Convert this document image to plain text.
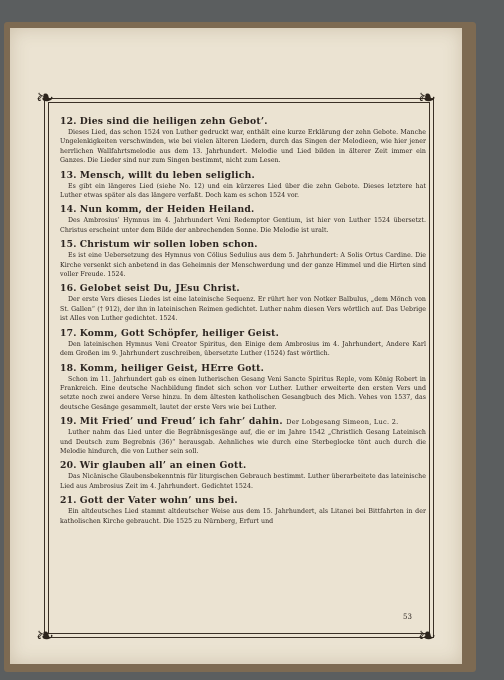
❧	❧
❧	❧
12. Dies sind die heiligen zehn Gebot’.

Dieses Lied, das schon 1524 von Luther gedruckt war, enthält eine kurze Erklärung der zehn Gebote. Manche Ungelenkigkeiten verschwinden, wie bei vielen älteren Liedern, durch das Singen der Melodieen, wie hier jener herrlichen Wallfahrtsmelodie aus dem 13. Jahrhundert. Melodie und Lied bilden in älterer Zeit immer ein Ganzes. Die Lieder sind nur zum Singen bestimmt, nicht zum Lesen.

13. Mensch, willt du leben seliglich.

Es gibt ein längeres Lied (siehe No. 12) und ein kürzeres Lied über die zehn Gebote. Dieses letztere hat Luther etwas später als das längere verfaßt. Doch kam es schon 1524 vor.

14. Nun komm, der Heiden Heiland.

Des Ambrosius’ Hymnus im 4. Jahrhundert Veni Redemptor Gentium, ist hier von Luther 1524 übersetzt. Christus erscheint unter dem Bilde der anbrechenden Sonne. Die Melodie ist uralt.

15. Christum wir sollen loben schon.

Es ist eine Uebersetzung des Hymnus von Cölius Sedulius aus dem 5. Jahrhundert: A Solis Ortus Cardine. Die Kirche versenkt sich anbetend in das Geheimnis der Menschwerdung und der ganze Himmel und die Hirten sind voller Freude. 1524.

16. Gelobet seist Du, JEsu Christ.

Der erste Vers dieses Liedes ist eine lateinische Sequenz. Er rührt her von Notker Balbulus, „dem Mönch von St. Gallen“ († 912), der ihn in lateinischen Reimen gedichtet. Luther nahm diesen Vers wörtlich auf. Das Uebrige ist Alles von Luther gedichtet. 1524.

17. Komm, Gott Schöpfer, heiliger Geist.

Den lateinischen Hymnus Veni Creator Spiritus, den Einige dem Ambrosius im 4. Jahrhundert, Andere Karl dem Großen im 9. Jahrhundert zuschreiben, übersetzte Luther (1524) fast wörtlich.

18. Komm, heiliger Geist, HErre Gott.

Schon im 11. Jahrhundert gab es einen lutherischen Gesang Veni Sancte Spiritus Reple, vom König Robert in Frankreich. Eine deutsche Nachbildung findet sich schon vor Luther. Luther erweiterte den ersten Vers und setzte noch zwei andere Verse hinzu. In dem ältesten katholischen Gesangbuch des Mich. Vehes von 1537, das deutsche Gesänge gesammelt, lautet der erste Vers wie bei Luther.

19. Mit Fried’ und Freud’ ich fahr’ dahin. Der Lobgesang Simeon, Luc. 2.

Luther nahm das Lied unter die Begräbnisgesänge auf, die er im Jahre 1542 „Christlich Gesang Lateinisch und Deutsch zum Begrebnis (36)“ herausgab. Aehnliches wie durch eine Sterbeglocke tönt auch durch die Melodie hindurch, die von Luther sein soll.

20. Wir glauben all’ an einen Gott.

Das Nicänische Glaubensbekenntnis für liturgischen Gebrauch bestimmt. Luther überarbeitete das lateinische Lied aus Ambrosius Zeit im 4. Jahrhundert. Gedichtet 1524.

21. Gott der Vater wohn’ uns bei.

Ein altdeutsches Lied stammt altdeutscher Weise aus dem 15. Jahrhundert, als Litanei bei Bittfahrten in der katholischen Kirche gebraucht. Die 1525 zu Nürnberg, Erfurt und

53
